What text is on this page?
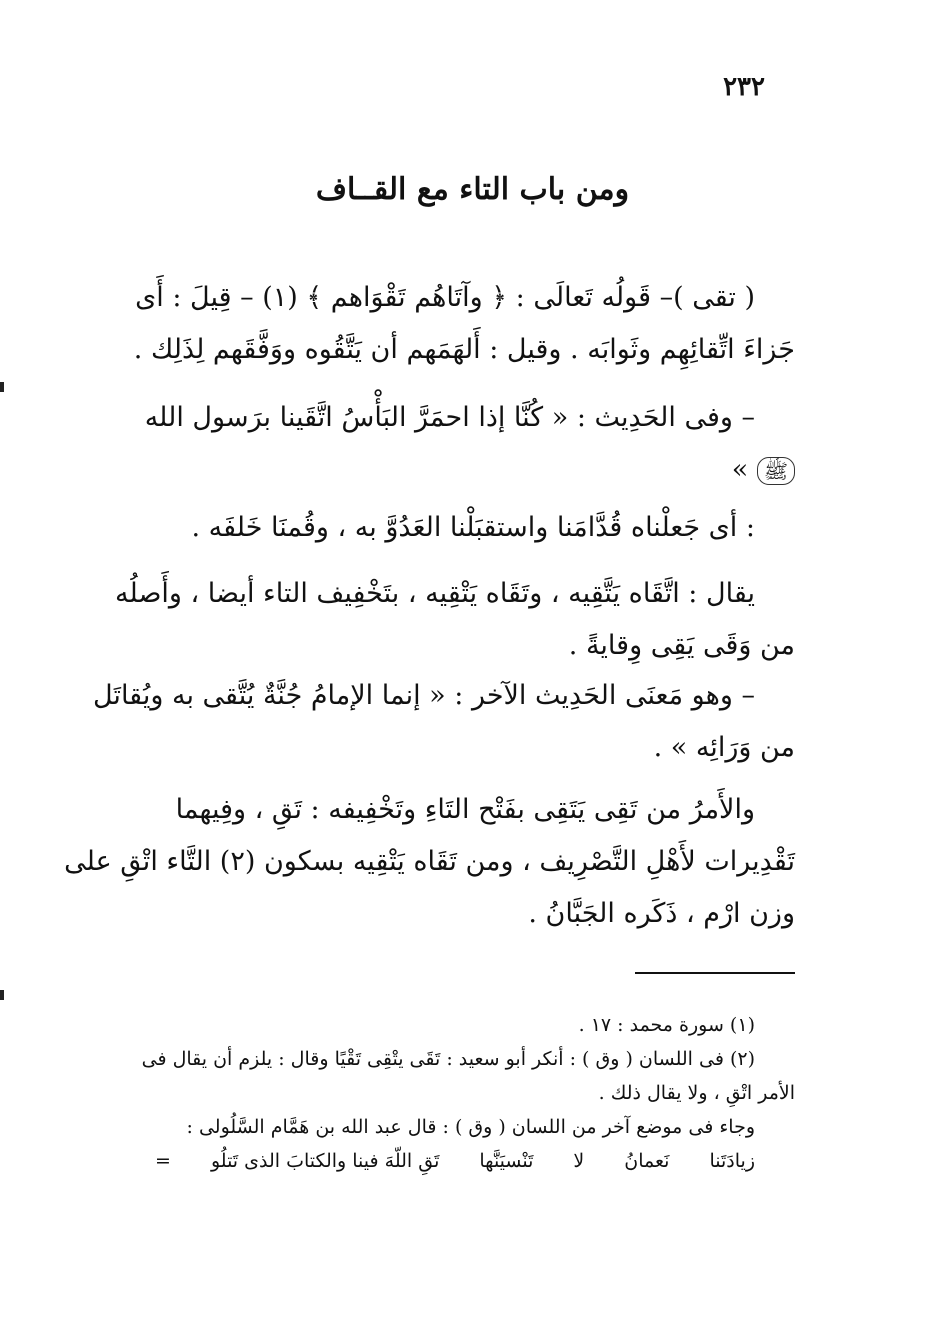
٢٣٢
ومن باب التاء مع القــاف
( تقى )– قَولُه تَعالَى : ﴿ وآتَاهُم تَقْوَاهم ﴾ (١) – قِيلَ : أَى
جَزاءَ اتِّقائِهِم وثَوابَه . وقيل : أَلهَمَهم أن يَتَّقُوه ووَفَّقَهم لِذَلِك .
– وفى الحَدِيث : « كُنَّا إذا احمَرَّ البَأْسُ اتَّقَينا برَسول الله
ﷺ »
: أى جَعلْناه قُدَّامَنا واستقبَلْنا العَدُوَّ به ، وقُمنَا خَلفَه .
يقال : اتَّقَاه يَتَّقِيه ، وتَقَاه يَتْقِيه ، بتَخْفِيف التاء أيضا ، وأَصلُه
من وَقَى يَقِى وِقايةً .
– وهو مَعنَى الحَدِيث الآخر : « إنما الإمامُ جُنَّةٌ يُتَّقى به ويُقاتَل
من وَرَائِه » .
والأَمرُ من تَقِى يَتَقِى بفَتْح التَاءِ وتَخْفِيفه : تَقِ ، وفِيهما
تَقْدِيرات لأَهْلِ التَّصْرِيف ، ومن تَقَاه يَتْقِيه بسكون (٢) التَّاء اتْقِ على
وزن ارْم ، ذَكَره الجَبَّانُ .
(١) سورة محمد : ١٧ .
(٢) فى اللسان ( وق ) : أنكر أبو سعيد : تَقَى يتْقِى تَقْيًا وقال : يلزم أن يقال فى
الأمر اتْقِ ، ولا يقال ذلك .
وجاء فى موضع آخر من اللسان ( وق ) : قال عبد الله بن هَمَّام السَّلُولى :
زيادَتَنا
نَعمانُ
لا
تَنْسيَنَّها
تَقِ اللّهَ فينا والكتابَ الذى تَتلُو
=
